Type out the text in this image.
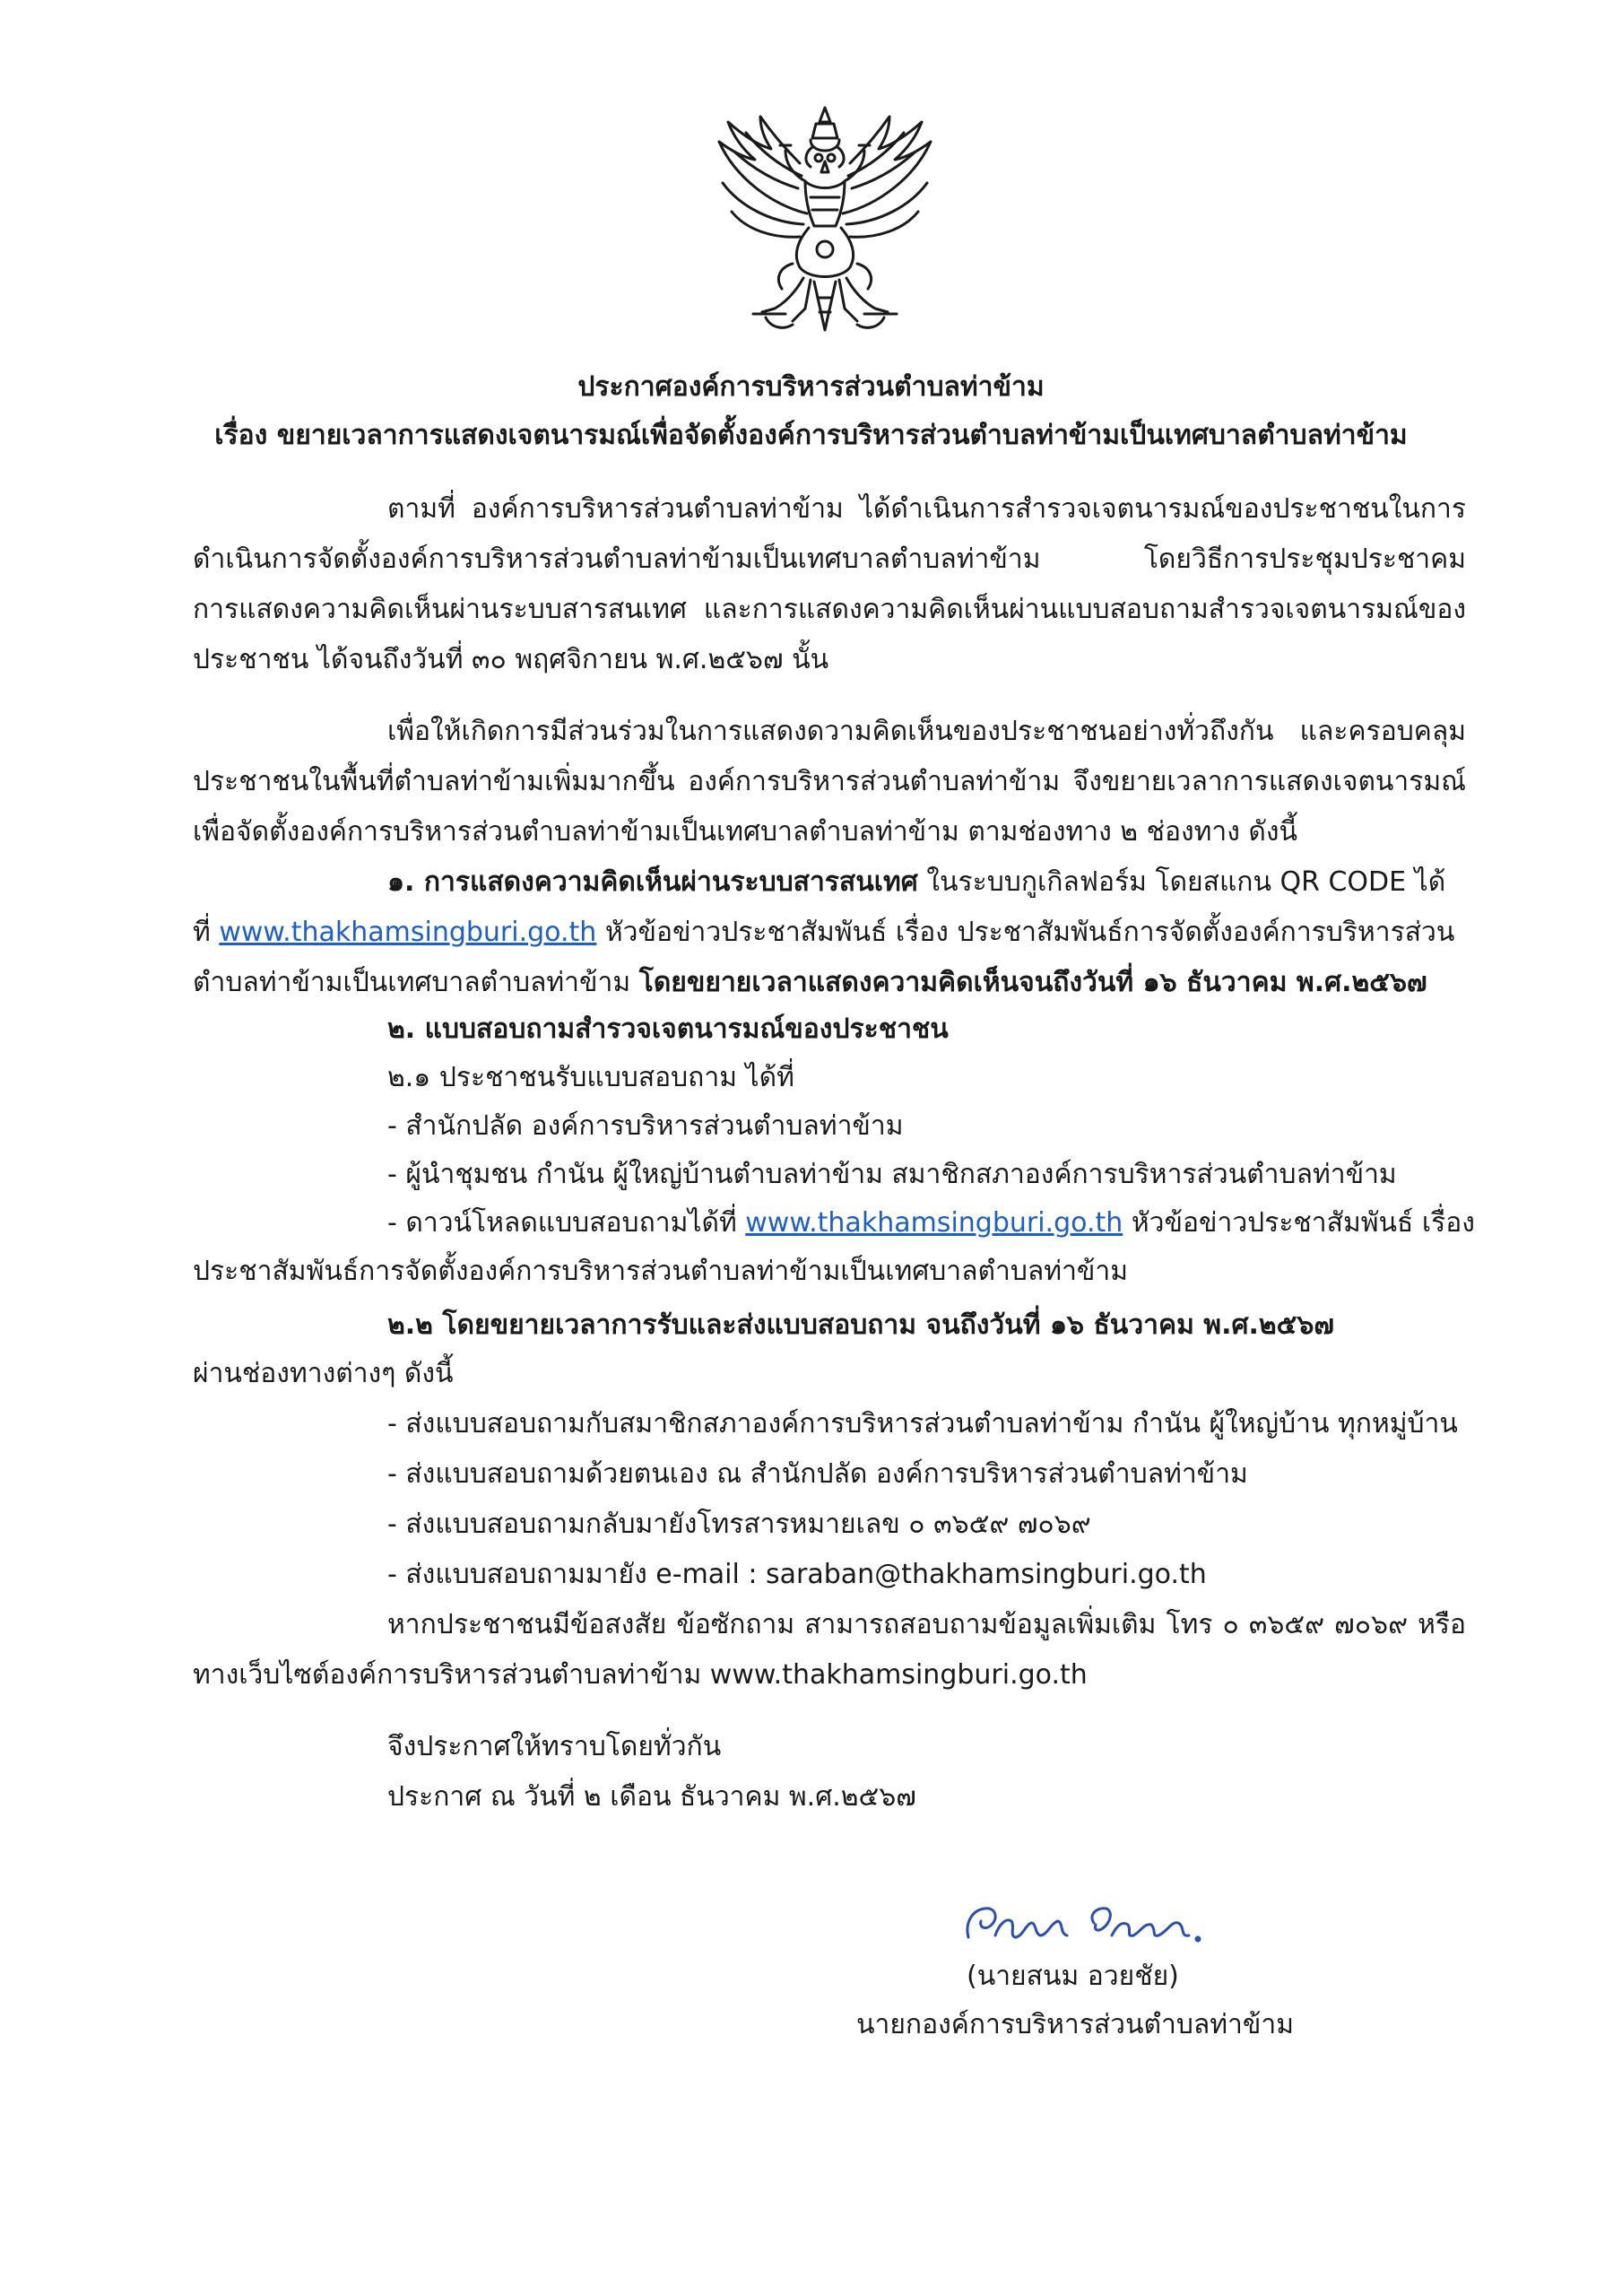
ประกาศองค์การบริหารส่วนตำบลท่าข้าม
เรื่อง ขยายเวลาการแสดงเจตนารมณ์เพื่อจัดตั้งองค์การบริหารส่วนตำบลท่าข้ามเป็นเทศบาลตำบลท่าข้าม
ตามที่ องค์การบริหารส่วนตำบลท่าข้าม ได้ดำเนินการสำรวจเจตนารมณ์ของประชาชนในการ
ดำเนินการจัดตั้งองค์การบริหารส่วนตำบลท่าข้ามเป็นเทศบาลตำบลท่าข้าม โดยวิธีการประชุมประชาคม
การแสดงความคิดเห็นผ่านระบบสารสนเทศ และการแสดงความคิดเห็นผ่านแบบสอบถามสำรวจเจตนารมณ์ของ
ประชาชน ได้จนถึงวันที่ ๓๐ พฤศจิกายน พ.ศ.๒๕๖๗ นั้น
เพื่อให้เกิดการมีส่วนร่วมในการแสดงดวามคิดเห็นของประชาชนอย่างทั่วถึงกัน และครอบคลุม
ประชาชนในพื้นที่ตำบลท่าข้ามเพิ่มมากขึ้น องค์การบริหารส่วนตำบลท่าข้าม จึงขยายเวลาการแสดงเจตนารมณ์
เพื่อจัดตั้งองค์การบริหารส่วนตำบลท่าข้ามเป็นเทศบาลตำบลท่าข้าม ตามช่องทาง ๒ ช่องทาง ดังนี้
๑. การแสดงความคิดเห็นผ่านระบบสารสนเทศ ในระบบกูเกิลฟอร์ม โดยสแกน QR CODE ได้
ที่ www.thakhamsingburi.go.th หัวข้อข่าวประชาสัมพันธ์ เรื่อง ประชาสัมพันธ์การจัดตั้งองค์การบริหารส่วน
ตำบลท่าข้ามเป็นเทศบาลตำบลท่าข้าม โดยขยายเวลาแสดงความคิดเห็นจนถึงวันที่ ๑๖ ธันวาคม พ.ศ.๒๕๖๗
๒. แบบสอบถามสำรวจเจตนารมณ์ของประชาชน
๒.๑ ประชาชนรับแบบสอบถาม ได้ที่
- สำนักปลัด องค์การบริหารส่วนตำบลท่าข้าม
- ผู้นำชุมชน กำนัน ผู้ใหญ่บ้านตำบลท่าข้าม สมาชิกสภาองค์การบริหารส่วนตำบลท่าข้าม
- ดาวน์โหลดแบบสอบถามได้ที่ www.thakhamsingburi.go.th หัวข้อข่าวประชาสัมพันธ์ เรื่อง
ประชาสัมพันธ์การจัดตั้งองค์การบริหารส่วนตำบลท่าข้ามเป็นเทศบาลตำบลท่าข้าม
๒.๒ โดยขยายเวลาการรับและส่งแบบสอบถาม จนถึงวันที่ ๑๖ ธันวาคม พ.ศ.๒๕๖๗
ผ่านช่องทางต่างๆ ดังนี้
- ส่งแบบสอบถามกับสมาชิกสภาองค์การบริหารส่วนตำบลท่าข้าม กำนัน ผู้ใหญ่บ้าน ทุกหมู่บ้าน
- ส่งแบบสอบถามด้วยตนเอง ณ สำนักปลัด องค์การบริหารส่วนตำบลท่าข้าม
- ส่งแบบสอบถามกลับมายังโทรสารหมายเลข ๐ ๓๖๕๙ ๗๐๖๙
- ส่งแบบสอบถามมายัง e-mail : saraban@thakhamsingburi.go.th
หากประชาชนมีข้อสงสัย ข้อซักถาม สามารถสอบถามข้อมูลเพิ่มเติม โทร ๐ ๓๖๕๙ ๗๐๖๙ หรือ
ทางเว็บไซต์องค์การบริหารส่วนตำบลท่าข้าม www.thakhamsingburi.go.th
จึงประกาศให้ทราบโดยทั่วกัน
ประกาศ ณ วันที่ ๒ เดือน ธันวาคม พ.ศ.๒๕๖๗
(นายสนม อวยชัย)
นายกองค์การบริหารส่วนตำบลท่าข้าม
